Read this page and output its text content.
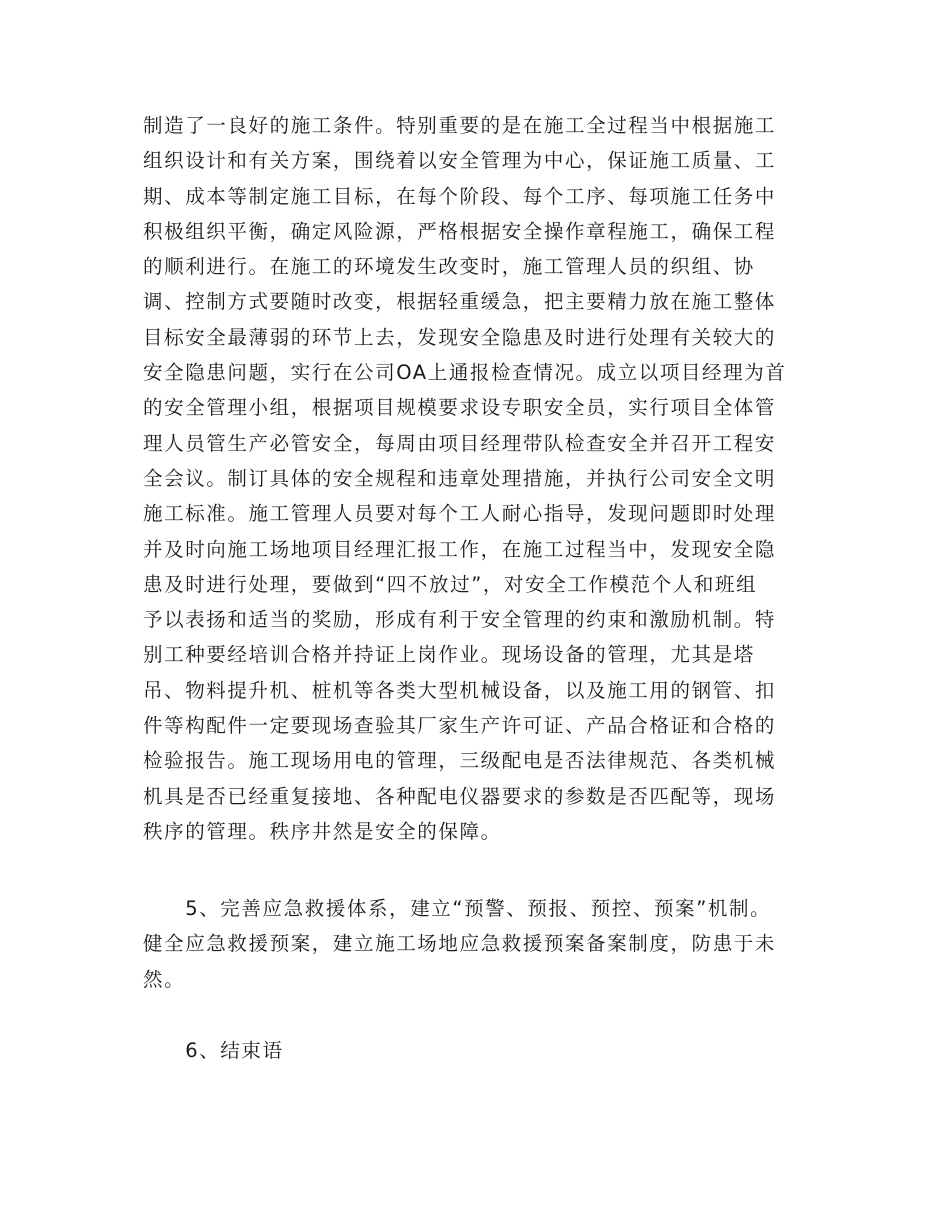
制造了一良好的施工条件。特别重要的是在施工全过程当中根据施工
组织设计和有关方案，围绕着以安全管理为中心，保证施工质量、工
期、成本等制定施工目标，在每个阶段、每个工序、每项施工任务中
积极组织平衡，确定风险源，严格根据安全操作章程施工，确保工程
的顺利进行。在施工的环境发生改变时，施工管理人员的织组、协
调、控制方式要随时改变，根据轻重缓急，把主要精力放在施工整体
目标安全最薄弱的环节上去，发现安全隐患及时进行处理有关较大的
安全隐患问题，实行在公司OA上通报检查情况。成立以项目经理为首
的安全管理小组，根据项目规模要求设专职安全员，实行项目全体管
理人员管生产必管安全，每周由项目经理带队检查安全并召开工程安
全会议。制订具体的安全规程和违章处理措施，并执行公司安全文明
施工标准。施工管理人员要对每个工人耐心指导，发现问题即时处理
并及时向施工场地项目经理汇报工作，在施工过程当中，发现安全隐
患及时进行处理，要做到“四不放过”，对安全工作模范个人和班组
予以表扬和适当的奖励，形成有利于安全管理的约束和激励机制。特
别工种要经培训合格并持证上岗作业。现场设备的管理，尤其是塔
吊、物料提升机、桩机等各类大型机械设备，以及施工用的钢管、扣
件等构配件一定要现场查验其厂家生产许可证、产品合格证和合格的
检验报告。施工现场用电的管理，三级配电是否法律规范、各类机械
机具是否已经重复接地、各种配电仪器要求的参数是否匹配等，现场
秩序的管理。秩序井然是安全的保障。
　　5、完善应急救援体系，建立“预警、预报、预控、预案”机制。
健全应急救援预案，建立施工场地应急救援预案备案制度，防患于未
然。
　　6、结束语
